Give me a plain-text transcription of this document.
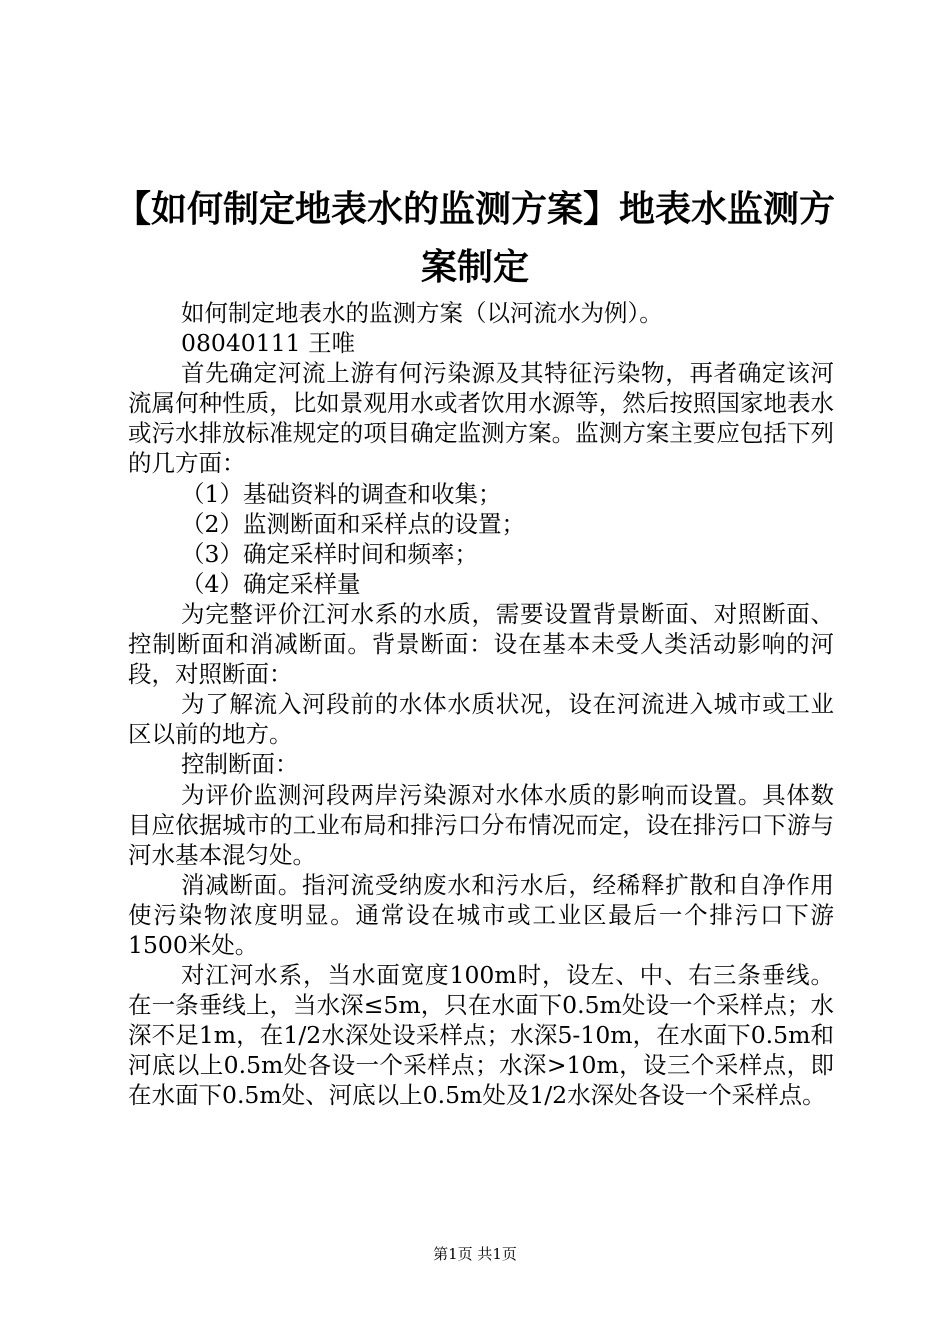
【如何制定地表水的监测方案】地表水监测方
案制定

如何制定地表水的监测方案（以河流水为例）。

08040111 王唯

首先确定河流上游有何污染源及其特征污染物，再者确定该河流属何种性质，比如景观用水或者饮用水源等，然后按照国家地表水或污水排放标准规定的项目确定监测方案。监测方案主要应包括下列的几方面：

（1）基础资料的调查和收集；

（2）监测断面和采样点的设置；

（3）确定采样时间和频率；

（4）确定采样量

为完整评价江河水系的水质，需要设置背景断面、对照断面、控制断面和消减断面。背景断面：设在基本未受人类活动影响的河段，对照断面：

为了解流入河段前的水体水质状况，设在河流进入城市或工业区以前的地方。

控制断面：

为评价监测河段两岸污染源对水体水质的影响而设置。具体数目应依据城市的工业布局和排污口分布情况而定，设在排污口下游与河水基本混匀处。

消减断面。指河流受纳废水和污水后，经稀释扩散和自净作用使污染物浓度明显。通常设在城市或工业区最后一个排污口下游1500米处。

对江河水系，当水面宽度100m时，设左、中、右三条垂线。在一条垂线上，当水深≤5m，只在水面下0.5m处设一个采样点；水深不足1m，在1/2水深处设采样点；水深5-10m，在水面下0.5m和河底以上0.5m处各设一个采样点；水深>10m，设三个采样点，即在水面下0.5m处、河底以上0.5m处及1/2水深处各设一个采样点。

第1页 共1页
